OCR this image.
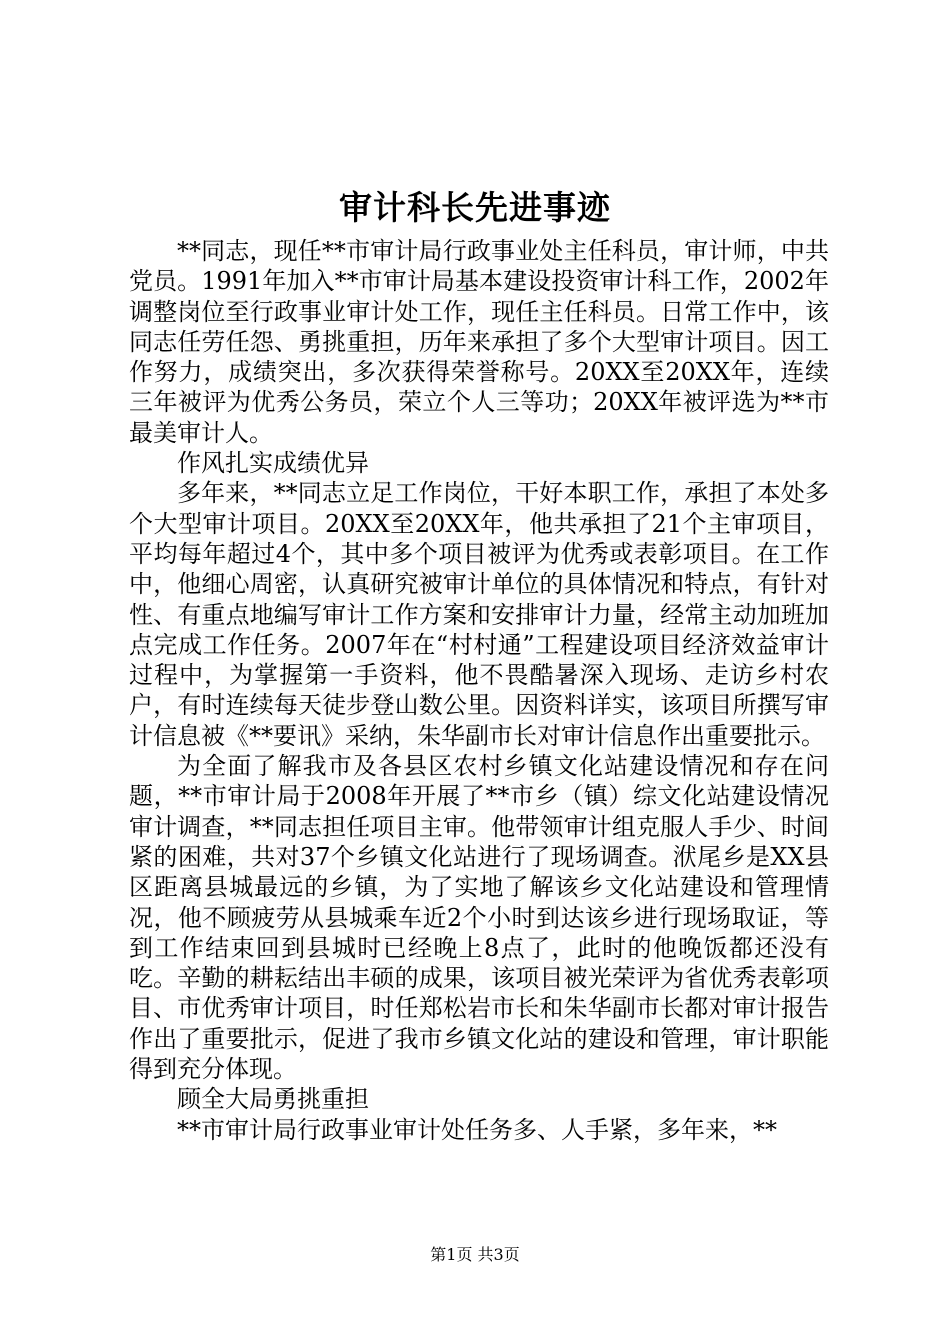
审计科长先进事迹

**同志，现任**市审计局行政事业处主任科员，审计师，中共党员。1991年加入**市审计局基本建设投资审计科工作，2002年调整岗位至行政事业审计处工作，现任主任科员。日常工作中，该同志任劳任怨、勇挑重担，历年来承担了多个大型审计项目。因工作努力，成绩突出，多次获得荣誉称号。20XX至20XX年，连续三年被评为优秀公务员，荣立个人三等功；20XX年被评选为**市最美审计人。

作风扎实成绩优异

多年来，**同志立足工作岗位，干好本职工作，承担了本处多个大型审计项目。20XX至20XX年，他共承担了21个主审项目，平均每年超过4个，其中多个项目被评为优秀或表彰项目。在工作中，他细心周密，认真研究被审计单位的具体情况和特点，有针对性、有重点地编写审计工作方案和安排审计力量，经常主动加班加点完成工作任务。2007年在“村村通”工程建设项目经济效益审计过程中，为掌握第一手资料，他不畏酷暑深入现场、走访乡村农户，有时连续每天徒步登山数公里。因资料详实，该项目所撰写审计信息被《**要讯》采纳，朱华副市长对审计信息作出重要批示。

为全面了解我市及各县区农村乡镇文化站建设情况和存在问题，**市审计局于2008年开展了**市乡（镇）综文化站建设情况审计调查，**同志担任项目主审。他带领审计组克服人手少、时间紧的困难，共对37个乡镇文化站进行了现场调查。洑尾乡是XX县区距离县城最远的乡镇，为了实地了解该乡文化站建设和管理情况，他不顾疲劳从县城乘车近2个小时到达该乡进行现场取证，等到工作结束回到县城时已经晚上8点了，此时的他晚饭都还没有吃。辛勤的耕耘结出丰硕的成果，该项目被光荣评为省优秀表彰项目、市优秀审计项目，时任郑松岩市长和朱华副市长都对审计报告作出了重要批示，促进了我市乡镇文化站的建设和管理，审计职能得到充分体现。

顾全大局勇挑重担

**市审计局行政事业审计处任务多、人手紧，多年来，**

第1页 共3页
